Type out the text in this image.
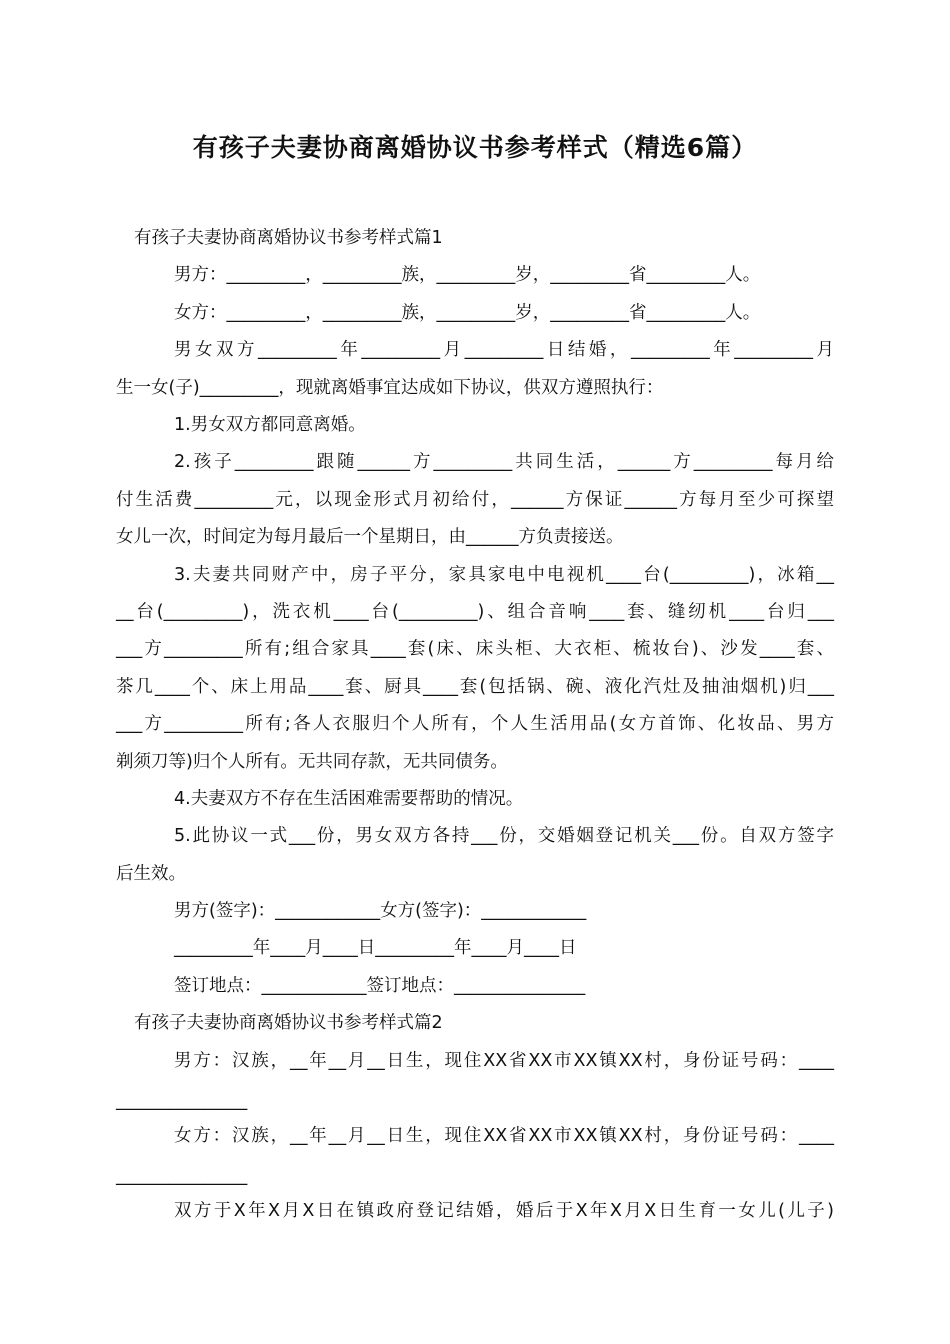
有孩子夫妻协商离婚协议书参考样式（精选6篇）
有孩子夫妻协商离婚协议书参考样式篇1
男方：_________，_________族，_________岁，_________省_________人。
女方：_________，_________族，_________岁，_________省_________人。
男女双方_________年_________月_________日结婚，_________年_________月
生一女(子)_________，现就离婚事宜达成如下协议，供双方遵照执行：
1.男女双方都同意离婚。
2.孩子_________跟随______方_________共同生活，______方_________每月给
付生活费_________元，以现金形式月初给付，______方保证______方每月至少可探望
女儿一次，时间定为每月最后一个星期日，由______方负责接送。
3.夫妻共同财产中，房子平分，家具家电中电视机____台(_________)，冰箱__
__台(_________)，洗衣机____台(_________)、组合音响____套、缝纫机____台归___
___方_________所有;组合家具____套(床、床头柜、大衣柜、梳妆台)、沙发____套、
茶几____个、床上用品____套、厨具____套(包括锅、碗、液化汽灶及抽油烟机)归___
___方_________所有;各人衣服归个人所有，个人生活用品(女方首饰、化妆品、男方
剃须刀等)归个人所有。无共同存款，无共同债务。
4.夫妻双方不存在生活困难需要帮助的情况。
5.此协议一式___份，男女双方各持___份，交婚姻登记机关___份。自双方签字
后生效。
男方(签字)：____________女方(签字)：____________
_________年____月____日_________年____月____日
签订地点：____________签订地点：_______________
有孩子夫妻协商离婚协议书参考样式篇2
男方：汉族，__年__月__日生，现住XX省XX市XX镇XX村，身份证号码：____
_______________
女方：汉族，__年__月__日生，现住XX省XX市XX镇XX村，身份证号码：____
_______________
双方于X年X月X日在镇政府登记结婚，婚后于X年X月X日生育一女儿(儿子)
